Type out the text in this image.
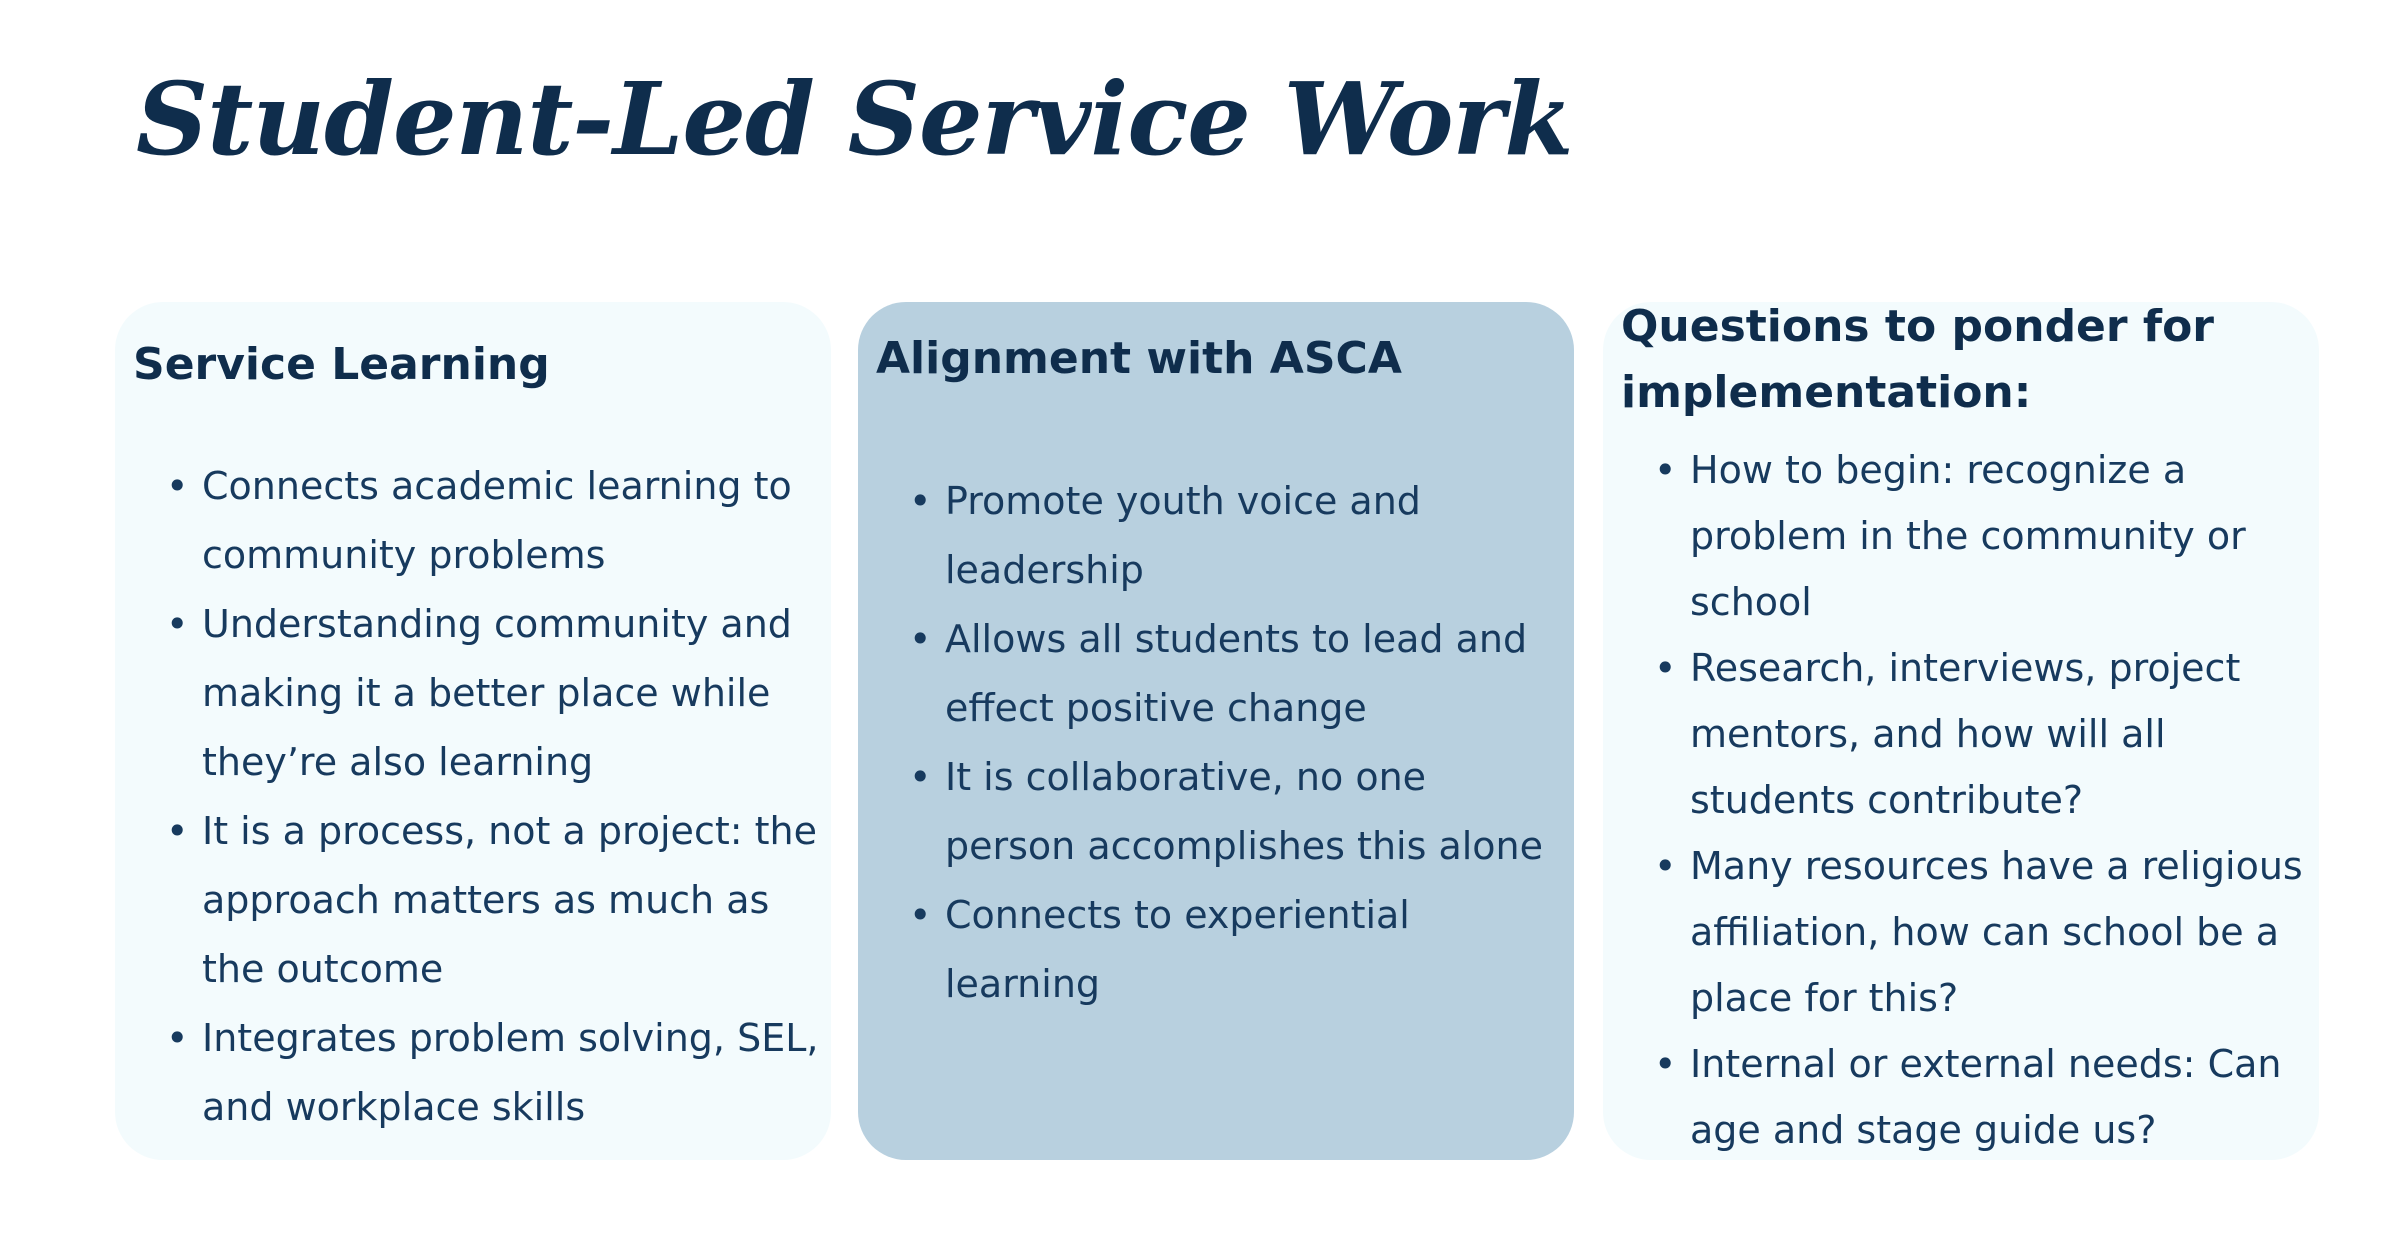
Student-Led Service Work
Service Learning
• Connects academic learning to community problems
• Understanding community and making it a better place while they’re also learning
• It is a process, not a project: the approach matters as much as the outcome
• Integrates problem solving, SEL, and workplace skills
Alignment with ASCA
• Promote youth voice and leadership
• Allows all students to lead and effect positive change
• It is collaborative, no one person accomplishes this alone
• Connects to experiential learning
Questions to ponder for implementation:
• How to begin: recognize a problem in the community or school
• Research, interviews, project mentors, and how will all students contribute?
• Many resources have a religious affiliation, how can school be a place for this?
• Internal or external needs: Can age and stage guide us?
